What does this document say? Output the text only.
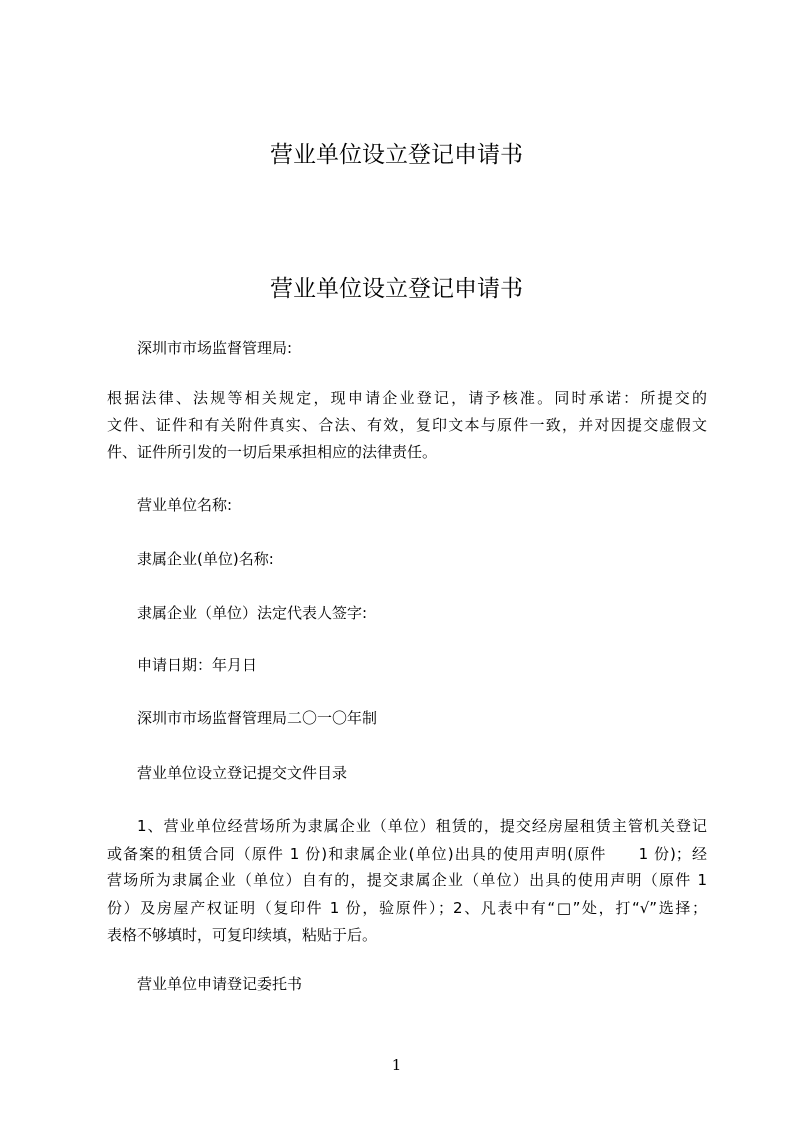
营业单位设立登记申请书
营业单位设立登记申请书
深圳市市场监督管理局:
根据法律、法规等相关规定，现申请企业登记，请予核准。同时承诺：所提交的
文件、证件和有关附件真实、合法、有效，复印文本与原件一致，并对因提交虚假文
件、证件所引发的一切后果承担相应的法律责任。
营业单位名称:
隶属企业(单位)名称:
隶属企业（单位）法定代表人签字:
申请日期：年月日
深圳市市场监督管理局二〇一〇年制
营业单位设立登记提交文件目录
1、营业单位经营场所为隶属企业（单位）租赁的，提交经房屋租赁主管机关登记
或备案的租赁合同（原件 1 份)和隶属企业(单位)出具的使用声明(原件　　1 份)；经
营场所为隶属企业（单位）自有的，提交隶属企业（单位）出具的使用声明（原件 1
份）及房屋产权证明（复印件 1 份，验原件）；2、凡表中有“□”处，打“√”选择；
表格不够填时，可复印续填，粘贴于后。
营业单位申请登记委托书
1
